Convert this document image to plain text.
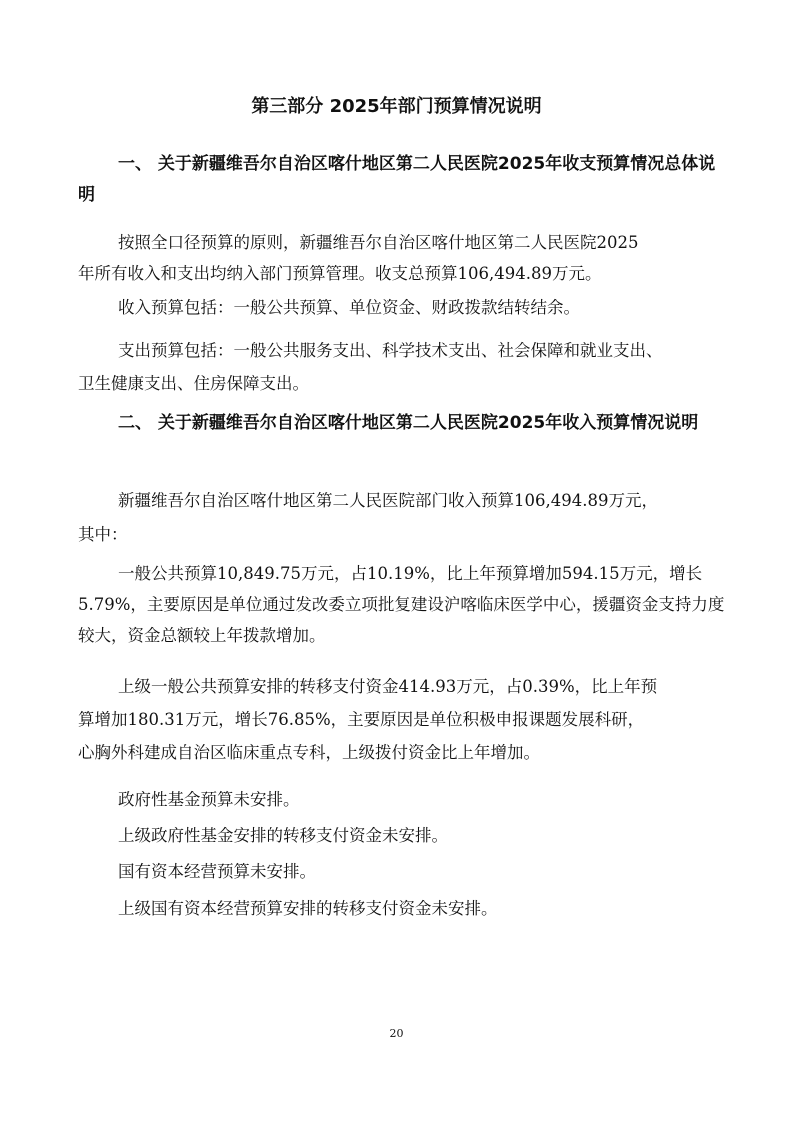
第三部分 2025年部门预算情况说明

一、 关于新疆维吾尔自治区喀什地区第二人民医院2025年收支预算情况总体说明

按照全口径预算的原则，新疆维吾尔自治区喀什地区第二人民医院2025

年所有收入和支出均纳入部门预算管理。收支总预算106,494.89万元。

收入预算包括：一般公共预算、单位资金、财政拨款结转结余。

支出预算包括：一般公共服务支出、科学技术支出、社会保障和就业支出、

卫生健康支出、住房保障支出。

二、 关于新疆维吾尔自治区喀什地区第二人民医院2025年收入预算情况说明

新疆维吾尔自治区喀什地区第二人民医院部门收入预算106,494.89万元，

其中：

一般公共预算10,849.75万元，占10.19%，比上年预算增加594.15万元，增长5.79%，主要原因是单位通过发改委立项批复建设沪喀临床医学中心，援疆资金支持力度较大，资金总额较上年拨款增加。

上级一般公共预算安排的转移支付资金414.93万元，占0.39%，比上年预

算增加180.31万元，增长76.85%，主要原因是单位积极申报课题发展科研，

心胸外科建成自治区临床重点专科，上级拨付资金比上年增加。

政府性基金预算未安排。

上级政府性基金安排的转移支付资金未安排。

国有资本经营预算未安排。

上级国有资本经营预算安排的转移支付资金未安排。

20
